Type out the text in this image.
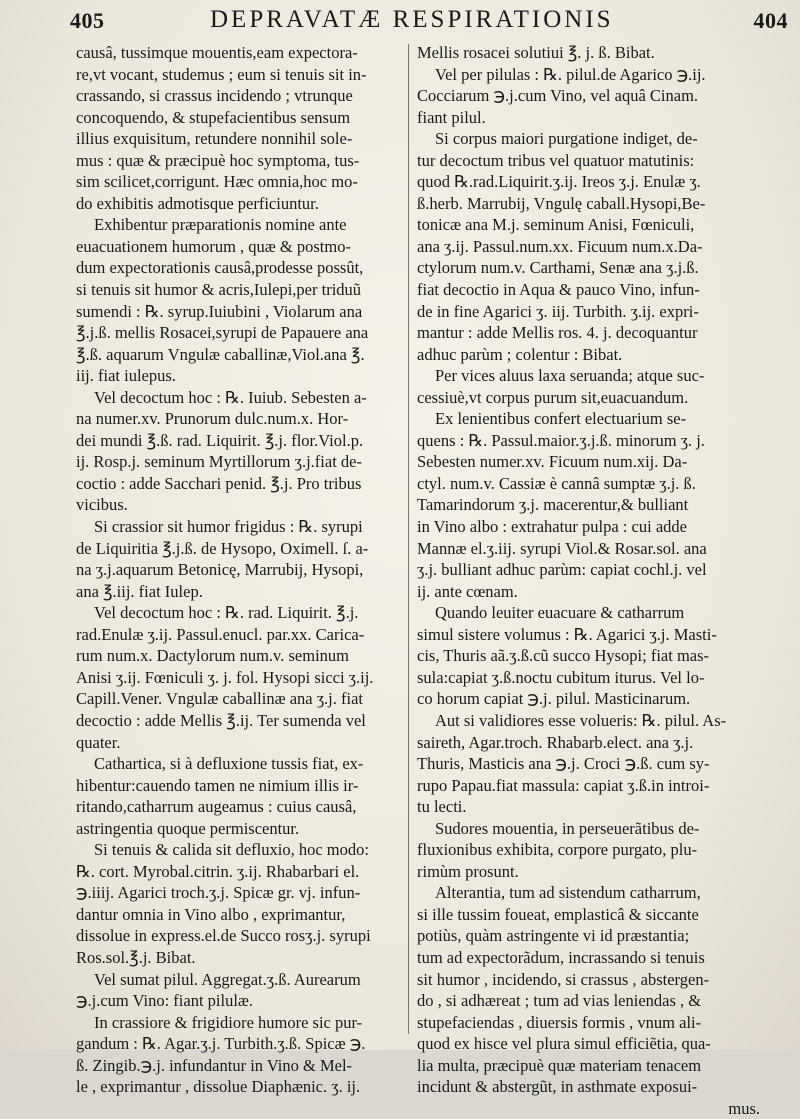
405	DEPRAVATÆ RESPIRATIONIS	404
causâ, tussimque mouentis,eam expectora-
re,vt vocant, studemus ; eum si tenuis sit in-
crassando, si crassus incidendo ; vtrunque
concoquendo, & stupefacientibus sensum
illius exquisitum, retundere nonnihil sole-
mus : quæ & præcipuè hoc symptoma, tus-
sim scilicet,corrigunt. Hæc omnia,hoc mo-
do exhibitis admotisque perficiuntur.
Exhibentur præparationis nomine ante
euacuationem humorum , quæ & postmo-
dum expectorationis causâ,prodesse possût,
si tenuis sit humor & acris,Iulepi,per triduũ
sumendi : ℞. syrup.Iuiubini , Violarum ana
℥.j.ß. mellis Rosacei,syrupi de Papauere ana
℥.ß. aquarum Vngulæ caballinæ,Viol.ana ℥.
iij. fiat iulepus.
Vel decoctum hoc : ℞. Iuiub. Sebesten a-
na numer.xv. Prunorum dulc.num.x. Hor-
dei mundi ℥.ß. rad. Liquirit. ℥.j. flor.Viol.p.
ij. Rosp.j. seminum Myrtillorum ʒ.j.fiat de-
coctio : adde Sacchari penid. ℥.j. Pro tribus
vicibus.
Si crassior sit humor frigidus : ℞. syrupi
de Liquiritia ℥.j.ß. de Hysopo, Oximell. ſ. a-
na ʒ.j.aquarum Betonicę, Marrubij, Hysopi,
ana ℥.iij. fiat Iulep.
Vel decoctum hoc : ℞. rad. Liquirit. ℥.j.
rad.Enulæ ʒ.ij. Passul.enucl. par.xx. Carica-
rum num.x. Dactylorum num.v. seminum
Anisi ʒ.ij. Fœniculi ʒ. j. fol. Hysopi sicci ʒ.ij.
Capill.Vener. Vngulæ caballinæ ana ʒ.j. fiat
decoctio : adde Mellis ℥.ij. Ter sumenda vel
quater.
Cathartica, si à defluxione tussis fiat, ex-
hibentur:cauendo tamen ne nimium illis ir-
ritando,catharrum augeamus : cuius causâ,
astringentia quoque permiscentur.
Si tenuis & calida sit defluxio, hoc modo:
℞. cort. Myrobal.citrin. ʒ.ij. Rhabarbari el.
℈.iiij. Agarici troch.ʒ.j. Spicæ gr. vj. infun-
dantur omnia in Vino albo , exprimantur,
dissolue in express.el.de Succo rosʒ.j. syrupi
Ros.sol.℥.j. Bibat.
Vel sumat pilul. Aggregat.ʒ.ß. Aurearum
℈.j.cum Vino: fiant pilulæ.
In crassiore & frigidiore humore sic pur-
gandum : ℞. Agar.ʒ.j. Turbith.ʒ.ß. Spicæ ℈.
ß. Zingib.℈.j. infundantur in Vino & Mel-
le , exprimantur , dissolue Diaphænic. ʒ. ij.
Mellis rosacei solutiui ℥. j. ß. Bibat.
Vel per pilulas : ℞. pilul.de Agarico ℈.ij.
Cocciarum ℈.j.cum Vino, vel aquâ Cinam.
fiant pilul.
Si corpus maiori purgatione indiget, de-
tur decoctum tribus vel quatuor matutinis:
quod ℞.rad.Liquirit.ʒ.ij. Ireos ʒ.j. Enulæ ʒ.
ß.herb. Marrubij, Vngulę caball.Hysopi,Be-
tonicæ ana M.j. seminum Anisi, Fœniculi,
ana ʒ.ij. Passul.num.xx. Ficuum num.x.Da-
ctylorum num.v. Carthami, Senæ ana ʒ.j.ß.
fiat decoctio in Aqua & pauco Vino, infun-
de in fine Agarici ʒ. iij. Turbith. ʒ.ij. expri-
mantur : adde Mellis ros. 4. j. decoquantur
adhuc parùm ; colentur : Bibat.
Per vices aluus laxa seruanda; atque suc-
cessiuè,vt corpus purum sit,euacuandum.
Ex lenientibus confert electuarium se-
quens : ℞. Passul.maior.ʒ.j.ß. minorum ʒ. j.
Sebesten numer.xv. Ficuum num.xij. Da-
ctyl. num.v. Cassiæ è cannâ sumptæ ʒ.j. ß.
Tamarindorum ʒ.j. macerentur,& bulliant
in Vino albo : extrahatur pulpa : cui adde
Mannæ el.ʒ.iij. syrupi Viol.& Rosar.sol. ana
ʒ.j. bulliant adhuc parùm: capiat cochl.j. vel
ij. ante cœnam.
Quando leuiter euacuare & catharrum
simul sistere volumus : ℞. Agarici ʒ.j. Masti-
cis, Thuris aã.ʒ.ß.cũ succo Hysopi; fiat mas-
sula:capiat ʒ.ß.noctu cubitum iturus. Vel lo-
co horum capiat ℈.j. pilul. Masticinarum.
Aut si validiores esse volueris: ℞. pilul. As-
saireth, Agar.troch. Rhabarb.elect. ana ʒ.j.
Thuris, Masticis ana ℈.j. Croci ℈.ß. cum sy-
rupo Papau.fiat massula: capiat ʒ.ß.in introi-
tu lecti.
Sudores mouentia, in perseuerãtibus de-
fluxionibus exhibita, corpore purgato, plu-
rimùm prosunt.
Alterantia, tum ad sistendum catharrum,
si ille tussim foueat, emplasticâ & siccante
potiùs, quàm astringente vi id præstantia;
tum ad expectorãdum, incrassando si tenuis
sit humor , incidendo, si crassus , abstergen-
do , si adhæreat ; tum ad vias leniendas , &
stupefaciendas , diuersis formis , vnum ali-
quod ex hisce vel plura simul efficiẽtia, qua-
lia multa, præcipuè quæ materiam tenacem
incidunt & abstergũt, in asthmate exposui-
mus.
